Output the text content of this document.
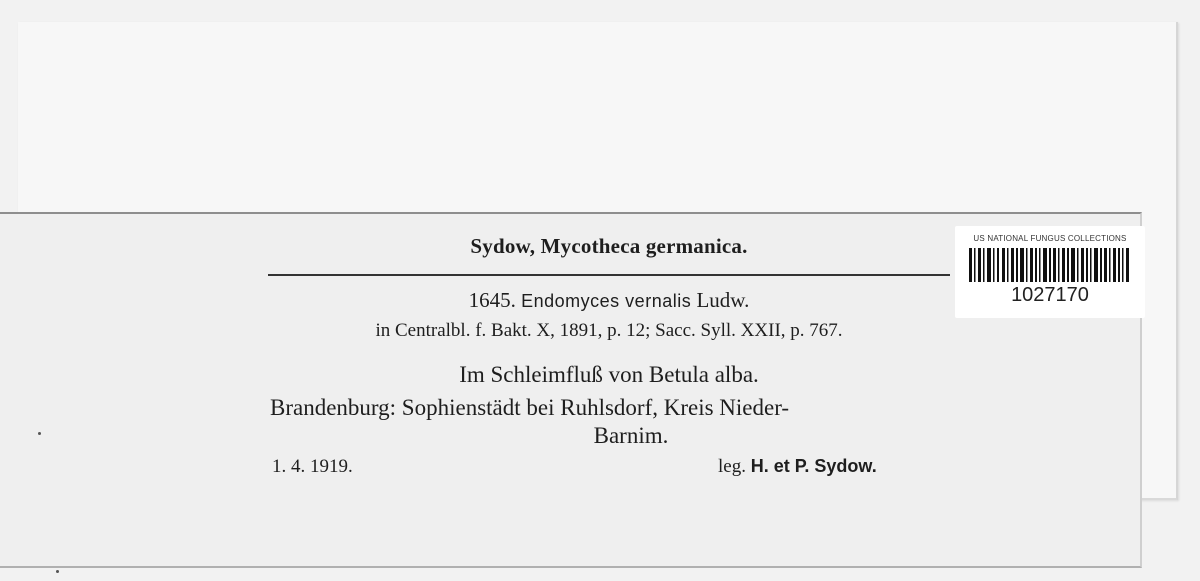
Sydow, Mycotheca germanica.
1645. Endomyces vernalis Ludw.
in Centralbl. f. Bakt. X, 1891, p. 12; Sacc. Syll. XXII, p. 767.
Im Schleimfluß von Betula alba.
Brandenburg: Sophienstädt bei Ruhlsdorf, Kreis Nieder-
Barnim.
1. 4. 1919.	leg. H. et P. Sydow.
US NATIONAL FUNGUS COLLECTIONS
1027170
